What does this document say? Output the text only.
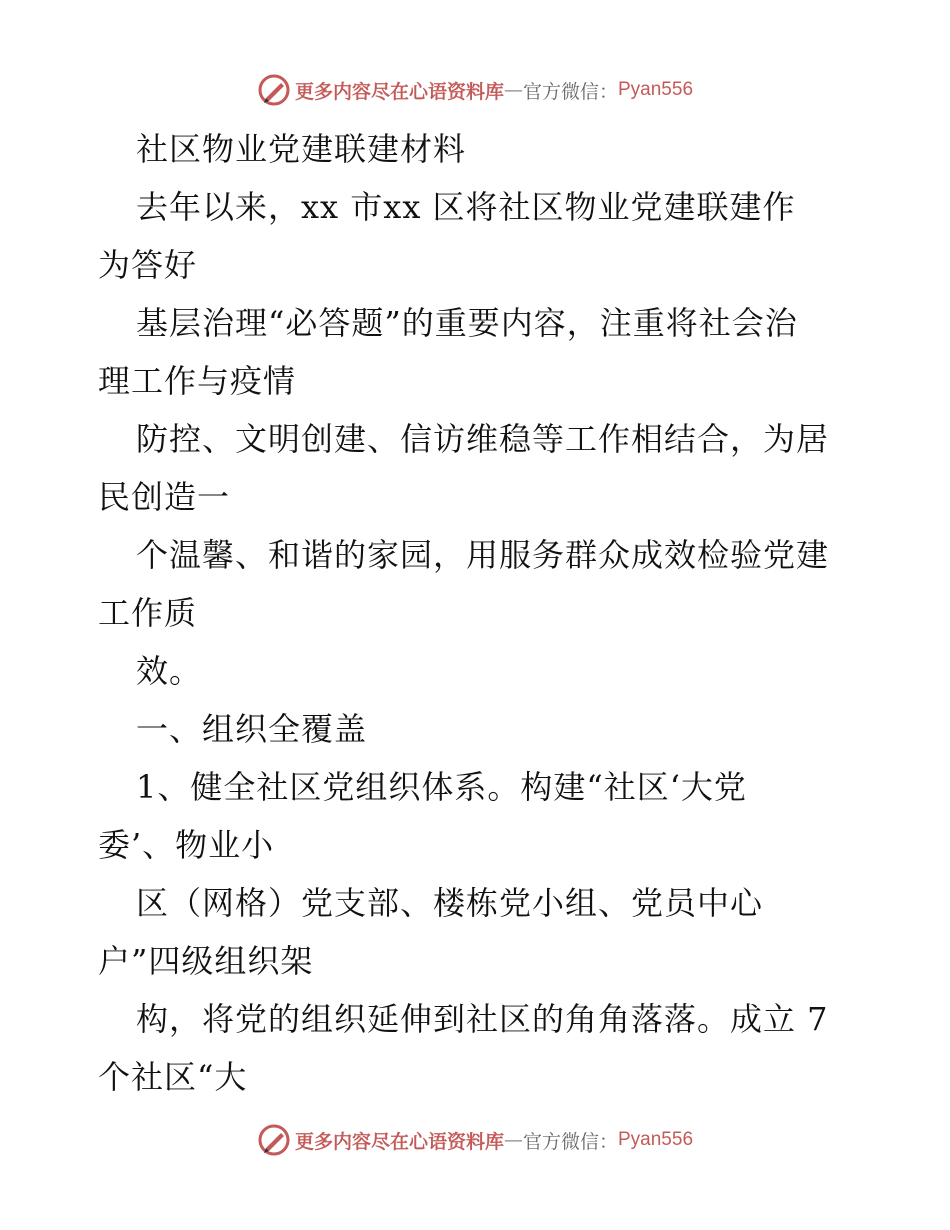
更多内容尽在心语资料库 — 官方微信： Pyan556
社区物业党建联建材料
去年以来，xx 市xx 区将社区物业党建联建作
为答好
基层治理“必答题”的重要内容，注重将社会治
理工作与疫情
防控、文明创建、信访维稳等工作相结合，为居
民创造一
个温馨、和谐的家园，用服务群众成效检验党建
工作质
效。
一、组织全覆盖
1、健全社区党组织体系。构建“社区‘大党
委’、物业小
区（网格）党支部、楼栋党小组、党员中心
户”四级组织架
构，将党的组织延伸到社区的角角落落。成立 7
个社区“大
更多内容尽在心语资料库 — 官方微信： Pyan556
